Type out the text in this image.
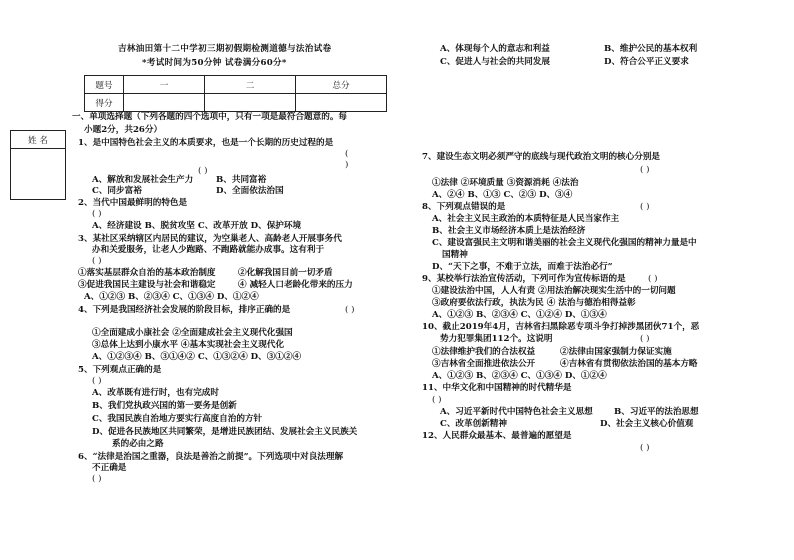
吉林油田第十二中学初三期初假期检测道德与法治试卷
*考试时间为50分钟 试卷满分60分*
题号	一	二	总分
得分			
姓 名

一、单项选择题（下列各题的四个选项中，只有一项是最符合题意的。每
小题2分，共26分）
1、是中国特色社会主义的本质要求，也是一个长期的历史过程的是
(
)
( )
A、解放和发展社会生产力	B、共同富裕
C、同步富裕	D、全面依法治国
2、当代中国最鲜明的特色是
( )
A、经济建设 B、脱贫攻坚 C、改革开放 D、保护环境
3、某社区采纳辖区内居民的建议，为空巢老人、高龄老人开展事务代
办和关爱服务，让老人少跑路、不跑路就能办成事。这有利于
( )
①落实基层群众自治的基本政治制度	②化解我国目前一切矛盾
③促进我国民主建设与社会和谐稳定	④ 减轻人口老龄化带来的压力
A、①②③ B、②③④ C、①③④ D、①②④
4、下列是我国经济社会发展的阶段目标，排序正确的是	( )
①全面建成小康社会 ②全面建成社会主义现代化强国
③总体上达到小康水平 ④基本实现社会主义现代化
A、①②③④ B、③①④② C、①③②④ D、③①②④
5、下列观点正确的是
( )
A、改革既有进行时，也有完成时
B、我们党执政兴国的第一要务是创新
C、我国民族自治地方要实行高度自治的方针
D、促进各民族地区共同繁荣，是增进民族团结、发展社会主义民族关
系的必由之路
6、“法律是治国之重器，良法是善治之前提”。下列选项中对良法理解
不正确是
( )
A、体现每个人的意志和利益	B、维护公民的基本权利
C、促进人与社会的共同发展	D、符合公平正义要求
7、建设生态文明必须严守的底线与现代政治文明的核心分别是
( )
①法律 ②环境质量 ③资源消耗 ④法治
A、②④ B、①③ C、②③ D、③④
8、下列观点错误的是	( )
A、社会主义民主政治的本质特征是人民当家作主
B、社会主义市场经济本质上是法治经济
C、建设富强民主文明和谐美丽的社会主义现代化强国的精神力量是中
国精神
D、“天下之事，不难于立法，而难于法治必行”
9、某校举行法治宣传活动，下列可作为宣传标语的是	( )
①建设法治中国，人人有责 ②用法治解决现实生活中的一切问题
③政府要依法行政，执法为民 ④ 法治与德治相得益彰
A、①②③ B、②③④ C、①②④ D、①③④
10、截止2019年4月，吉林省扫黑除恶专项斗争打掉涉黑团伙71个，恶
势力犯罪集团112个。这说明	( )
①法律维护我们的合法权益	②法律由国家强制力保证实施
③吉林省全面推进依法公开	④吉林省有贯彻依法治国的基本方略
A、①②③ B、②③④ C、①③④ D、①②④
11、中华文化和中国精神的时代精华是
( )
A、习近平新时代中国特色社会主义思想 B、习近平的法治思想
C、改革创新精神	D、社会主义核心价值观
12、人民群众最基本、最普遍的愿望是
( )
